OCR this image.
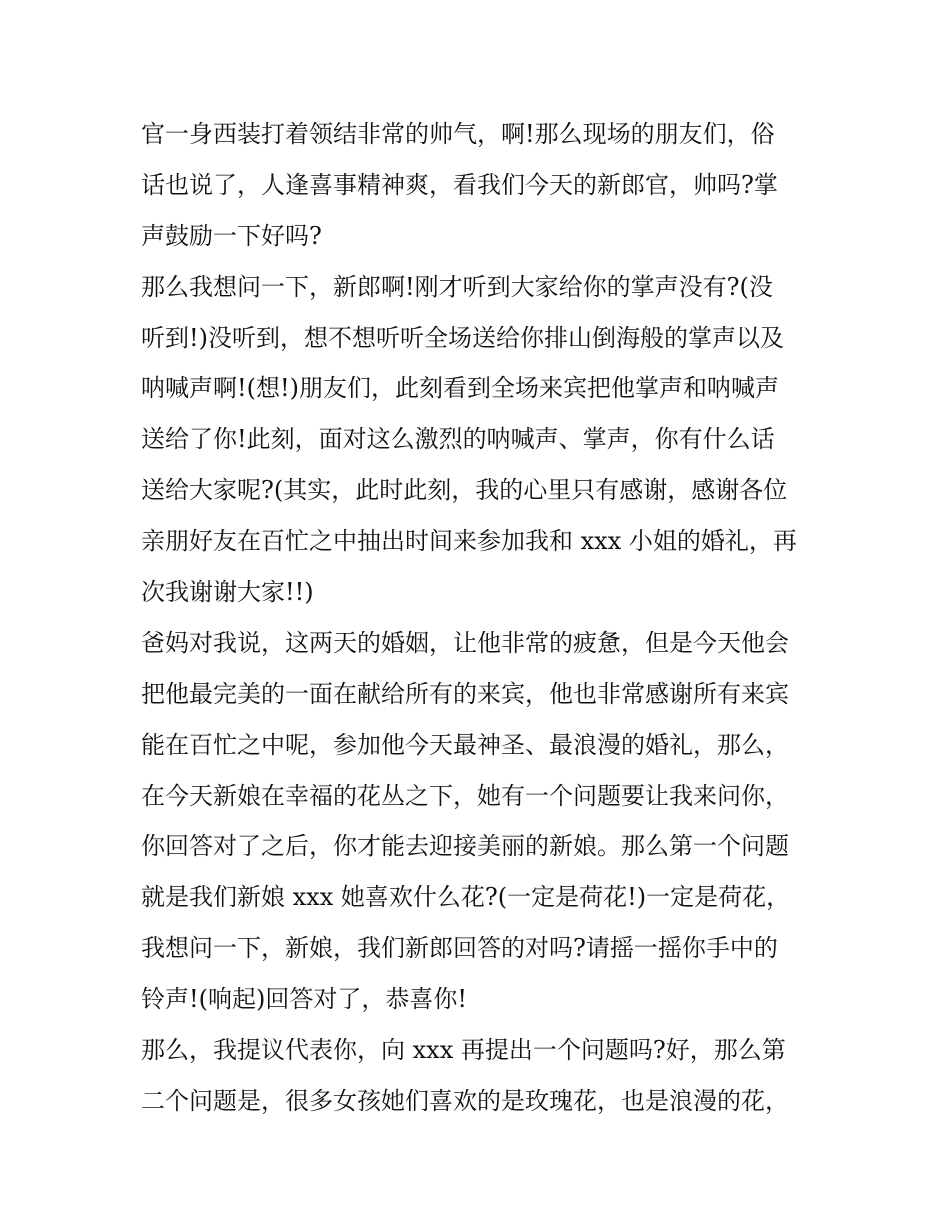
官一身西装打着领结非常的帅气，啊!那么现场的朋友们，俗
话也说了，人逢喜事精神爽，看我们今天的新郎官，帅吗?掌
声鼓励一下好吗?
那么我想问一下，新郎啊!刚才听到大家给你的掌声没有?(没
听到!)没听到，想不想听听全场送给你排山倒海般的掌声以及
呐喊声啊!(想!)朋友们，此刻看到全场来宾把他掌声和呐喊声
送给了你!此刻，面对这么激烈的呐喊声、掌声，你有什么话
送给大家呢?(其实，此时此刻，我的心里只有感谢，感谢各位
亲朋好友在百忙之中抽出时间来参加我和 xxx 小姐的婚礼，再
次我谢谢大家!!)
爸妈对我说，这两天的婚姻，让他非常的疲惫，但是今天他会
把他最完美的一面在献给所有的来宾，他也非常感谢所有来宾
能在百忙之中呢，参加他今天最神圣、最浪漫的婚礼，那么，
在今天新娘在幸福的花丛之下，她有一个问题要让我来问你，
你回答对了之后，你才能去迎接美丽的新娘。那么第一个问题
就是我们新娘 xxx 她喜欢什么花?(一定是荷花!)一定是荷花，
我想问一下，新娘，我们新郎回答的对吗?请摇一摇你手中的
铃声!(响起)回答对了，恭喜你!
那么，我提议代表你，向 xxx 再提出一个问题吗?好，那么第
二个问题是，很多女孩她们喜欢的是玫瑰花，也是浪漫的花，
